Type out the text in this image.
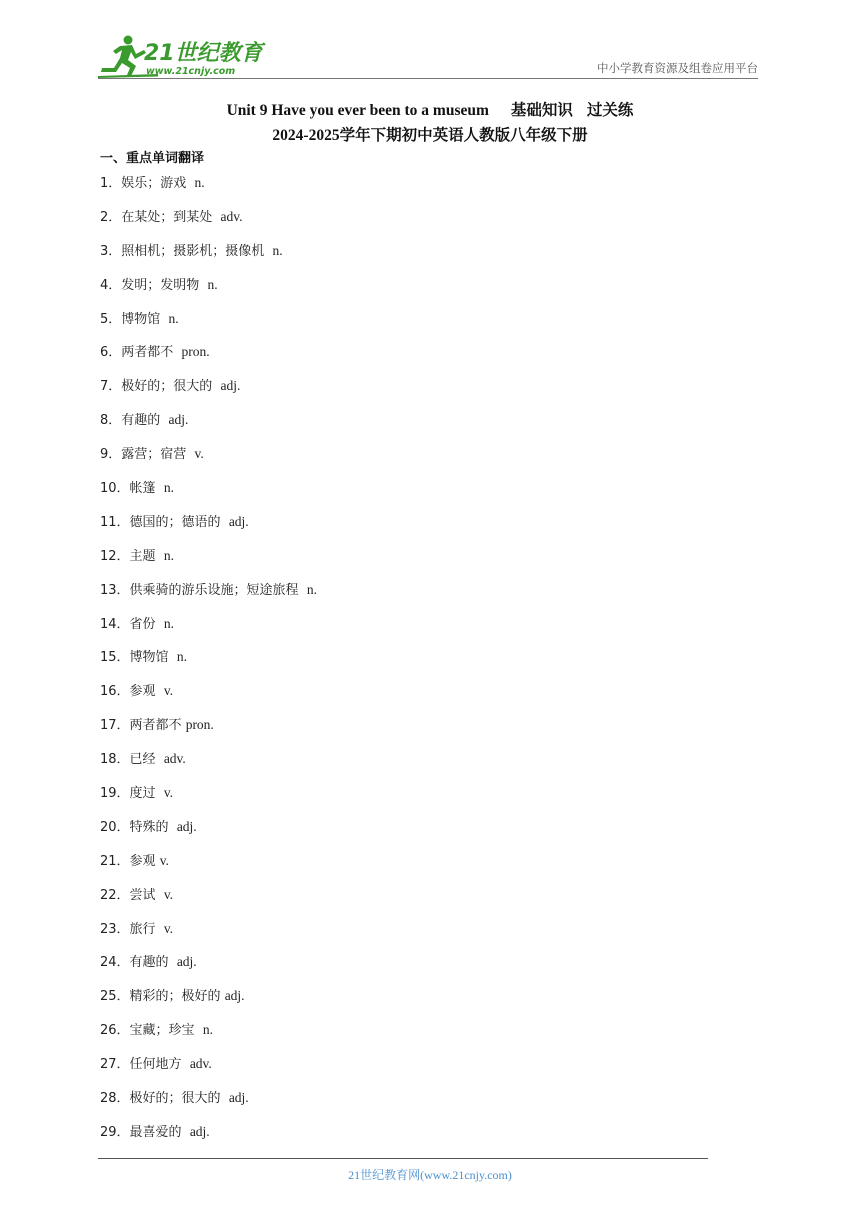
21世纪教育
www.21cnjy.com	中小学教育资源及组卷应用平台
Unit 9 Have you ever been to a museum 基础知识 过关练
2024-2025学年下期初中英语人教版八年级下册
一、重点单词翻译
1．娱乐；游戏  n.
2．在某处；到某处  adv.
3．照相机；摄影机；摄像机  n.
4．发明；发明物  n.
5．博物馆  n.
6．两者都不  pron.
7．极好的；很大的  adj.
8．有趣的  adj.
9．露营；宿营  v.
10．帐篷  n.
11．德国的；德语的  adj.
12．主题  n.
13．供乘骑的游乐设施；短途旅程  n.
14．省份  n.
15．博物馆  n.
16．参观  v.
17．两者都不 pron.
18．已经  adv.
19．度过  v.
20．特殊的  adj.
21．参观 v.
22．尝试  v.
23．旅行  v.
24．有趣的  adj.
25．精彩的；极好的 adj.
26．宝藏；珍宝  n.
27．任何地方  adv.
28．极好的；很大的  adj.
29．最喜爱的  adj.
21世纪教育网(www.21cnjy.com)
